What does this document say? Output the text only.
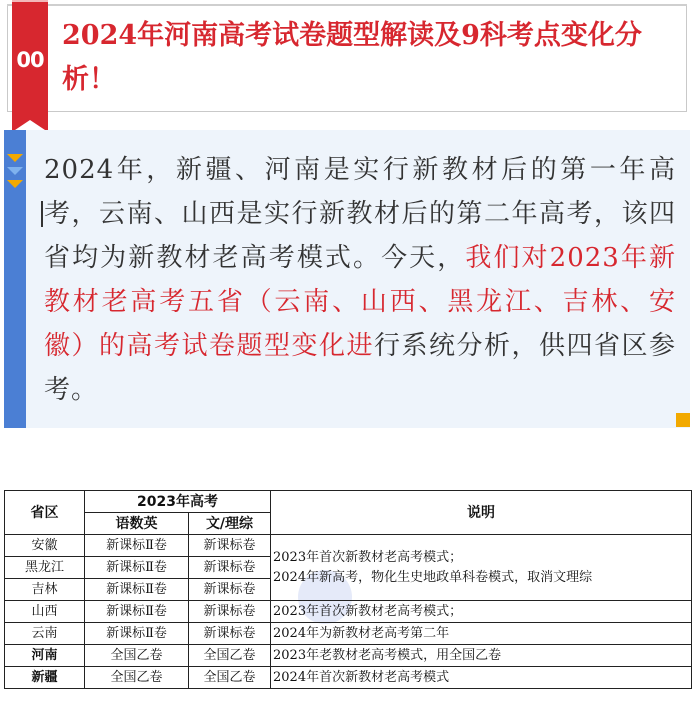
00
2024年河南高考试卷题型解读及9科考点变化分析！
2024年，新疆、河南是实行新教材后的第一年高考，云南、山西是实行新教材后的第二年高考，该四省均为新教材老高考模式。今天，我们对2023年新教材老高考五省（云南、山西、黑龙江、吉林、安徽）的高考试卷题型变化进行系统分析，供四省区参考。
省区	2023年高考		说明
	语数英	文/理综	
安徽	新课标Ⅱ卷	新课标卷	2023年首次新教材老高考模式；
2024年新高考，物化生史地政单科卷模式，取消文理综

黑龙江	新课标Ⅱ卷	新课标卷	
吉林	新课标Ⅱ卷	新课标卷	
山西	新课标Ⅱ卷	新课标卷	2023年首次新教材老高考模式；
云南	新课标Ⅱ卷	新课标卷	2024年为新教材老高考第二年
河南	全国乙卷	全国乙卷	2023年老教材老高考模式，用全国乙卷
新疆	全国乙卷	全国乙卷	2024年首次新教材老高考模式
